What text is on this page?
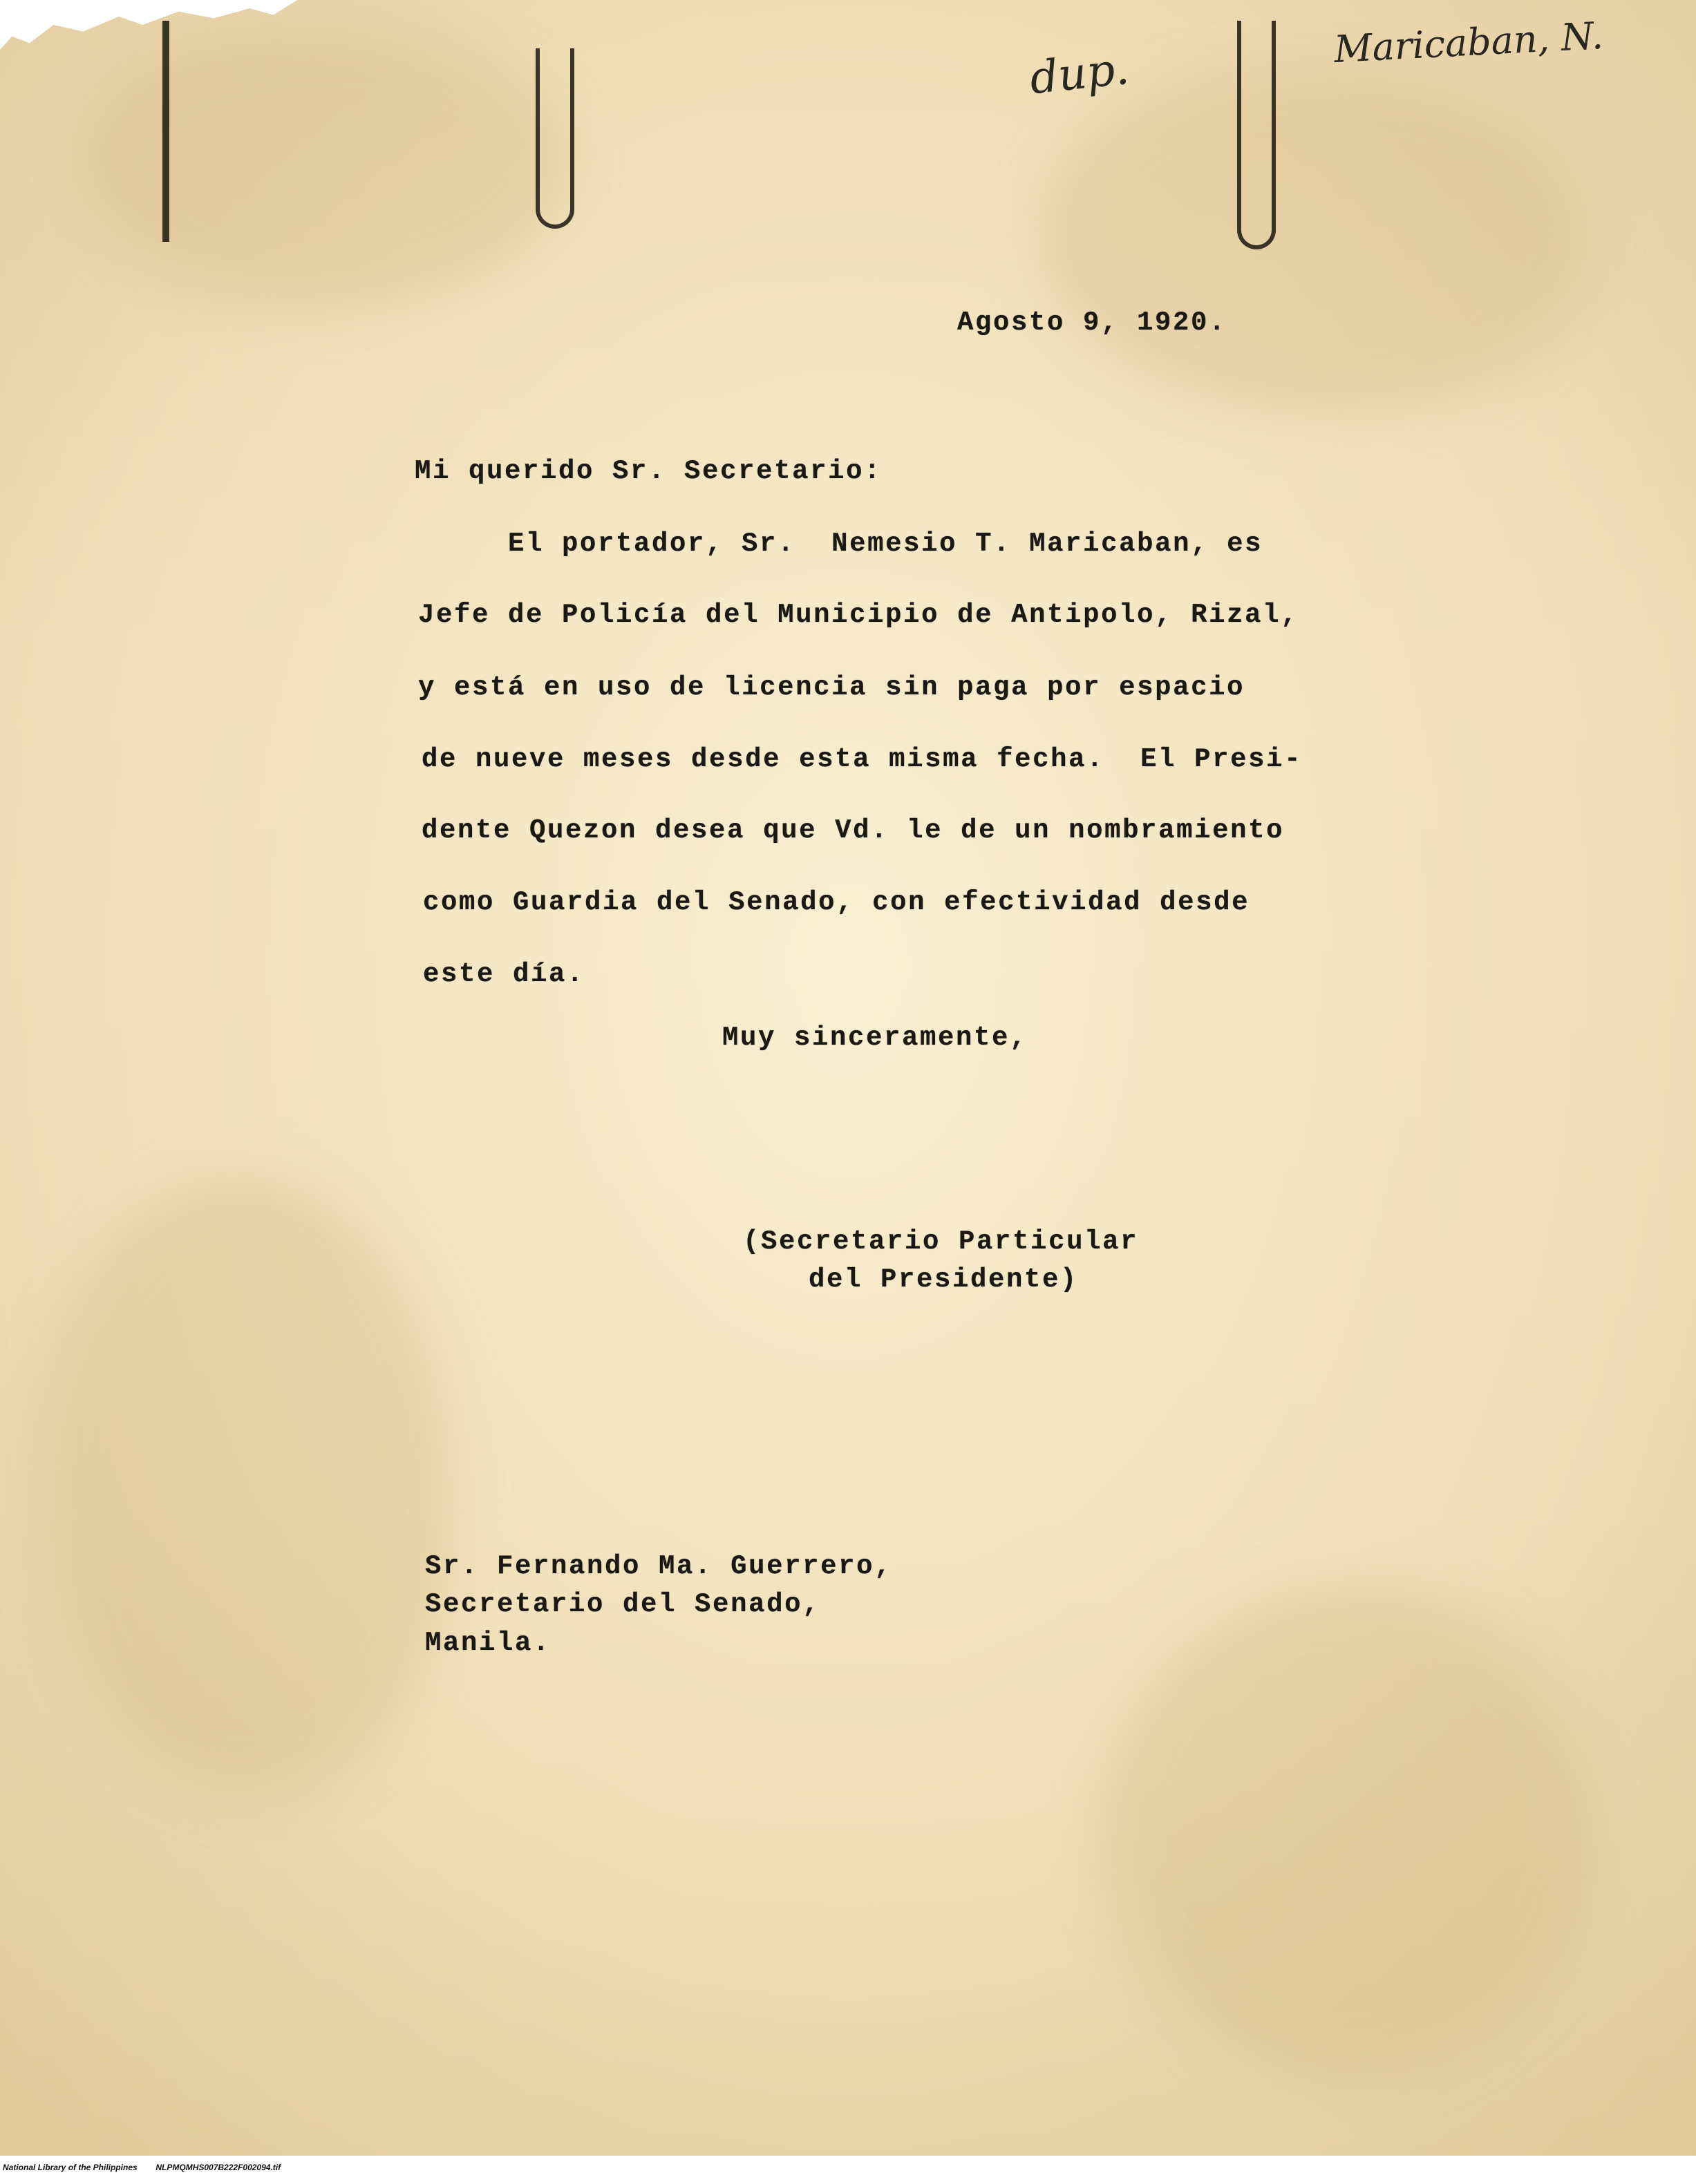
dup.
Maricaban, N.
Agosto 9, 1920.
Mi querido Sr. Secretario:
El portador, Sr.  Nemesio T. Maricaban, es
Jefe de Policía del Municipio de Antipolo, Rizal,
y está en uso de licencia sin paga por espacio
de nueve meses desde esta misma fecha.  El Presi-
dente Quezon desea que Vd. le de un nombramiento
como Guardia del Senado, con efectividad desde
este día.
Muy sinceramente,
(Secretario Particular
del Presidente)
Sr. Fernando Ma. Guerrero,
Secretario del Senado,
Manila.
National Library of the Philippines NLPMQMHS007B222F002094.tif
